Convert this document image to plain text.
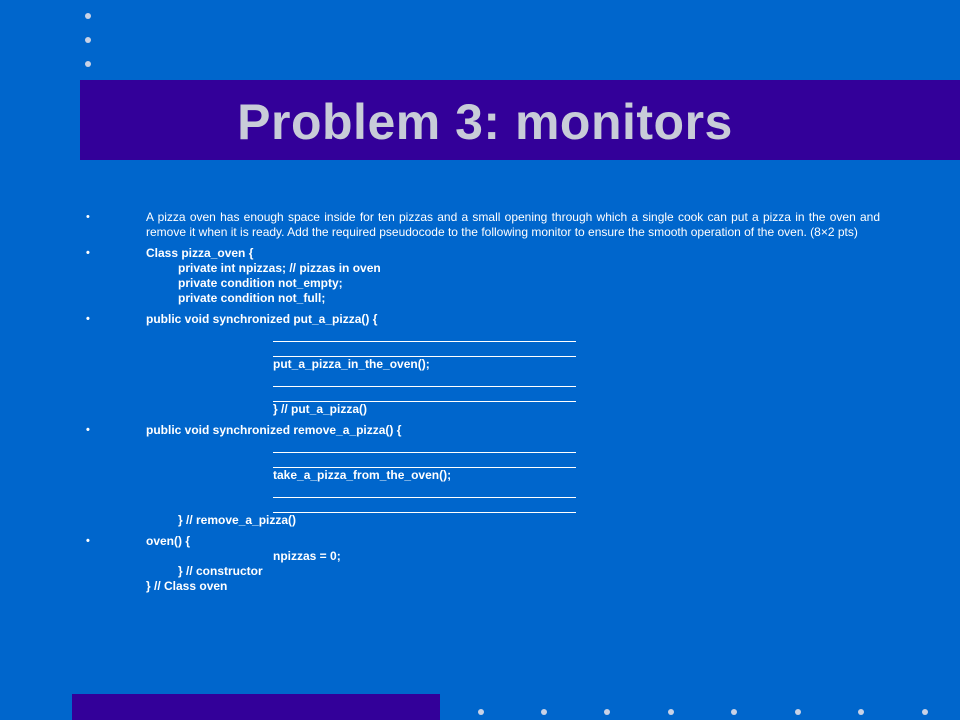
Problem 3: monitors
•	A pizza oven has enough space inside for ten pizzas and a small opening through which a single cook can put a pizza in the oven and remove it when it is ready. Add the required pseudocode to the following monitor to ensure the smooth operation of the oven. (8×2 pts)
•	Class pizza_oven {
private int npizzas; // pizzas in oven
private condition not_empty;
private condition not_full;
•	public void synchronized put_a_pizza() {
put_a_pizza_in_the_oven();
} // put_a_pizza()
•	public void synchronized remove_a_pizza() {
take_a_pizza_from_the_oven();
} // remove_a_pizza()
•	oven() {
npizzas = 0;
} // constructor
} // Class oven
